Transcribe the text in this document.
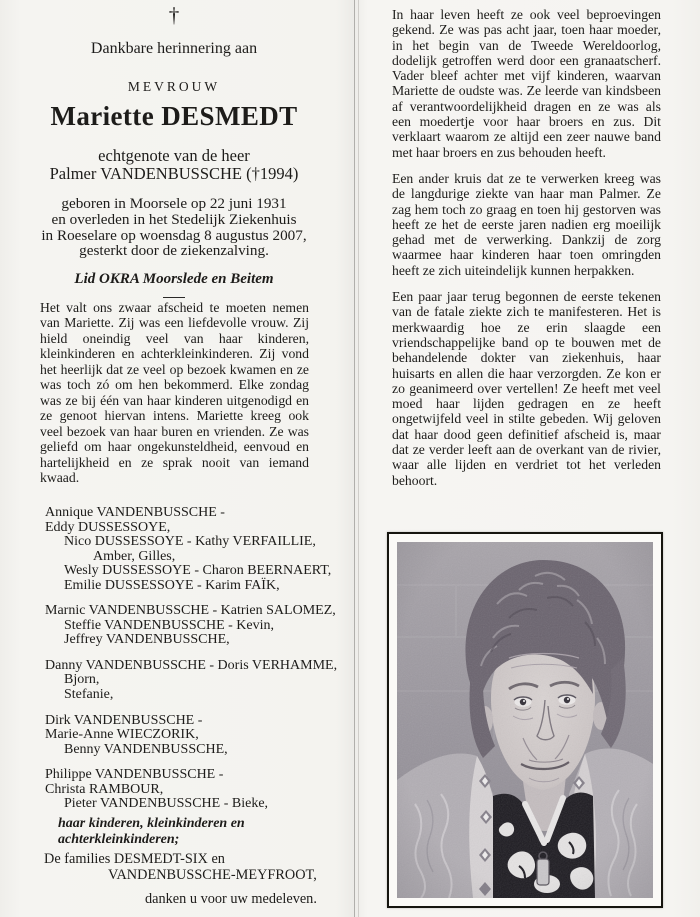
†
Dankbare herinnering aan
MEVROUW
Mariette DESMEDT
echtgenote van de heer
Palmer VANDENBUSSCHE (†1994)
geboren in Moorsele op 22 juni 1931
en overleden in het Stedelijk Ziekenhuis
in Roeselare op woensdag 8 augustus 2007,
gesterkt door de ziekenzalving.
Lid OKRA Moorslede en Beitem
Het valt ons zwaar afscheid te moeten nemen van Mariette. Zij was een liefdevolle vrouw. Zij hield oneindig veel van haar kinderen, kleinkinderen en achterkleinkinderen. Zij vond het heerlijk dat ze veel op bezoek kwamen en ze was toch zó om hen bekommerd. Elke zondag was ze bij één van haar kinderen uitgenodigd en ze genoot hiervan intens. Mariette kreeg ook veel bezoek van haar buren en vrienden. Ze was geliefd om haar ongekunsteldheid, eenvoud en hartelijkheid en ze sprak nooit van iemand kwaad.
Annique VANDENBUSSCHE -
Eddy DUSSESSOYE,
Nico DUSSESSOYE - Kathy VERFAILLIE,
Amber, Gilles,
Wesly DUSSESSOYE - Charon BEERNAERT,
Emilie DUSSESSOYE - Karim FAÏK,
Marnic VANDENBUSSCHE - Katrien SALOMEZ,
Steffie VANDENBUSSCHE - Kevin,
Jeffrey VANDENBUSSCHE,
Danny VANDENBUSSCHE - Doris VERHAMME,
Bjorn,
Stefanie,
Dirk VANDENBUSSCHE -
Marie-Anne WIECZORIK,
Benny VANDENBUSSCHE,
Philippe VANDENBUSSCHE -
Christa RAMBOUR,
Pieter VANDENBUSSCHE - Bieke,
haar kinderen, kleinkinderen en achterkleinkinderen;
De families DESMEDT-SIX en
VANDENBUSSCHE-MEYFROOT,
danken u voor uw medeleven.
In haar leven heeft ze ook veel beproevingen gekend. Ze was pas acht jaar, toen haar moeder, in het begin van de Tweede Wereldoorlog, dodelijk getroffen werd door een granaatscherf. Vader bleef achter met vijf kinderen, waarvan Mariette de oudste was. Ze leerde van kindsbeen af verantwoordelijkheid dragen en ze was als een moedertje voor haar broers en zus. Dit verklaart waarom ze altijd een zeer nauwe band met haar broers en zus behouden heeft.
Een ander kruis dat ze te verwerken kreeg was de langdurige ziekte van haar man Palmer. Ze zag hem toch zo graag en toen hij gestorven was heeft ze het de eerste jaren nadien erg moeilijk gehad met de verwerking. Dankzij de zorg waarmee haar kinderen haar toen omringden heeft ze zich uiteindelijk kunnen herpakken.
Een paar jaar terug begonnen de eerste tekenen van de fatale ziekte zich te manifesteren. Het is merkwaardig hoe ze erin slaagde een vriendschappelijke band op te bouwen met de behandelende dokter van ziekenhuis, haar huisarts en allen die haar verzorgden. Ze kon er zo geanimeerd over vertellen! Ze heeft met veel moed haar lijden gedragen en ze heeft ongetwijfeld veel in stilte gebeden. Wij geloven dat haar dood geen definitief afscheid is, maar dat ze verder leeft aan de overkant van de rivier, waar alle lijden en verdriet tot het verleden behoort.
